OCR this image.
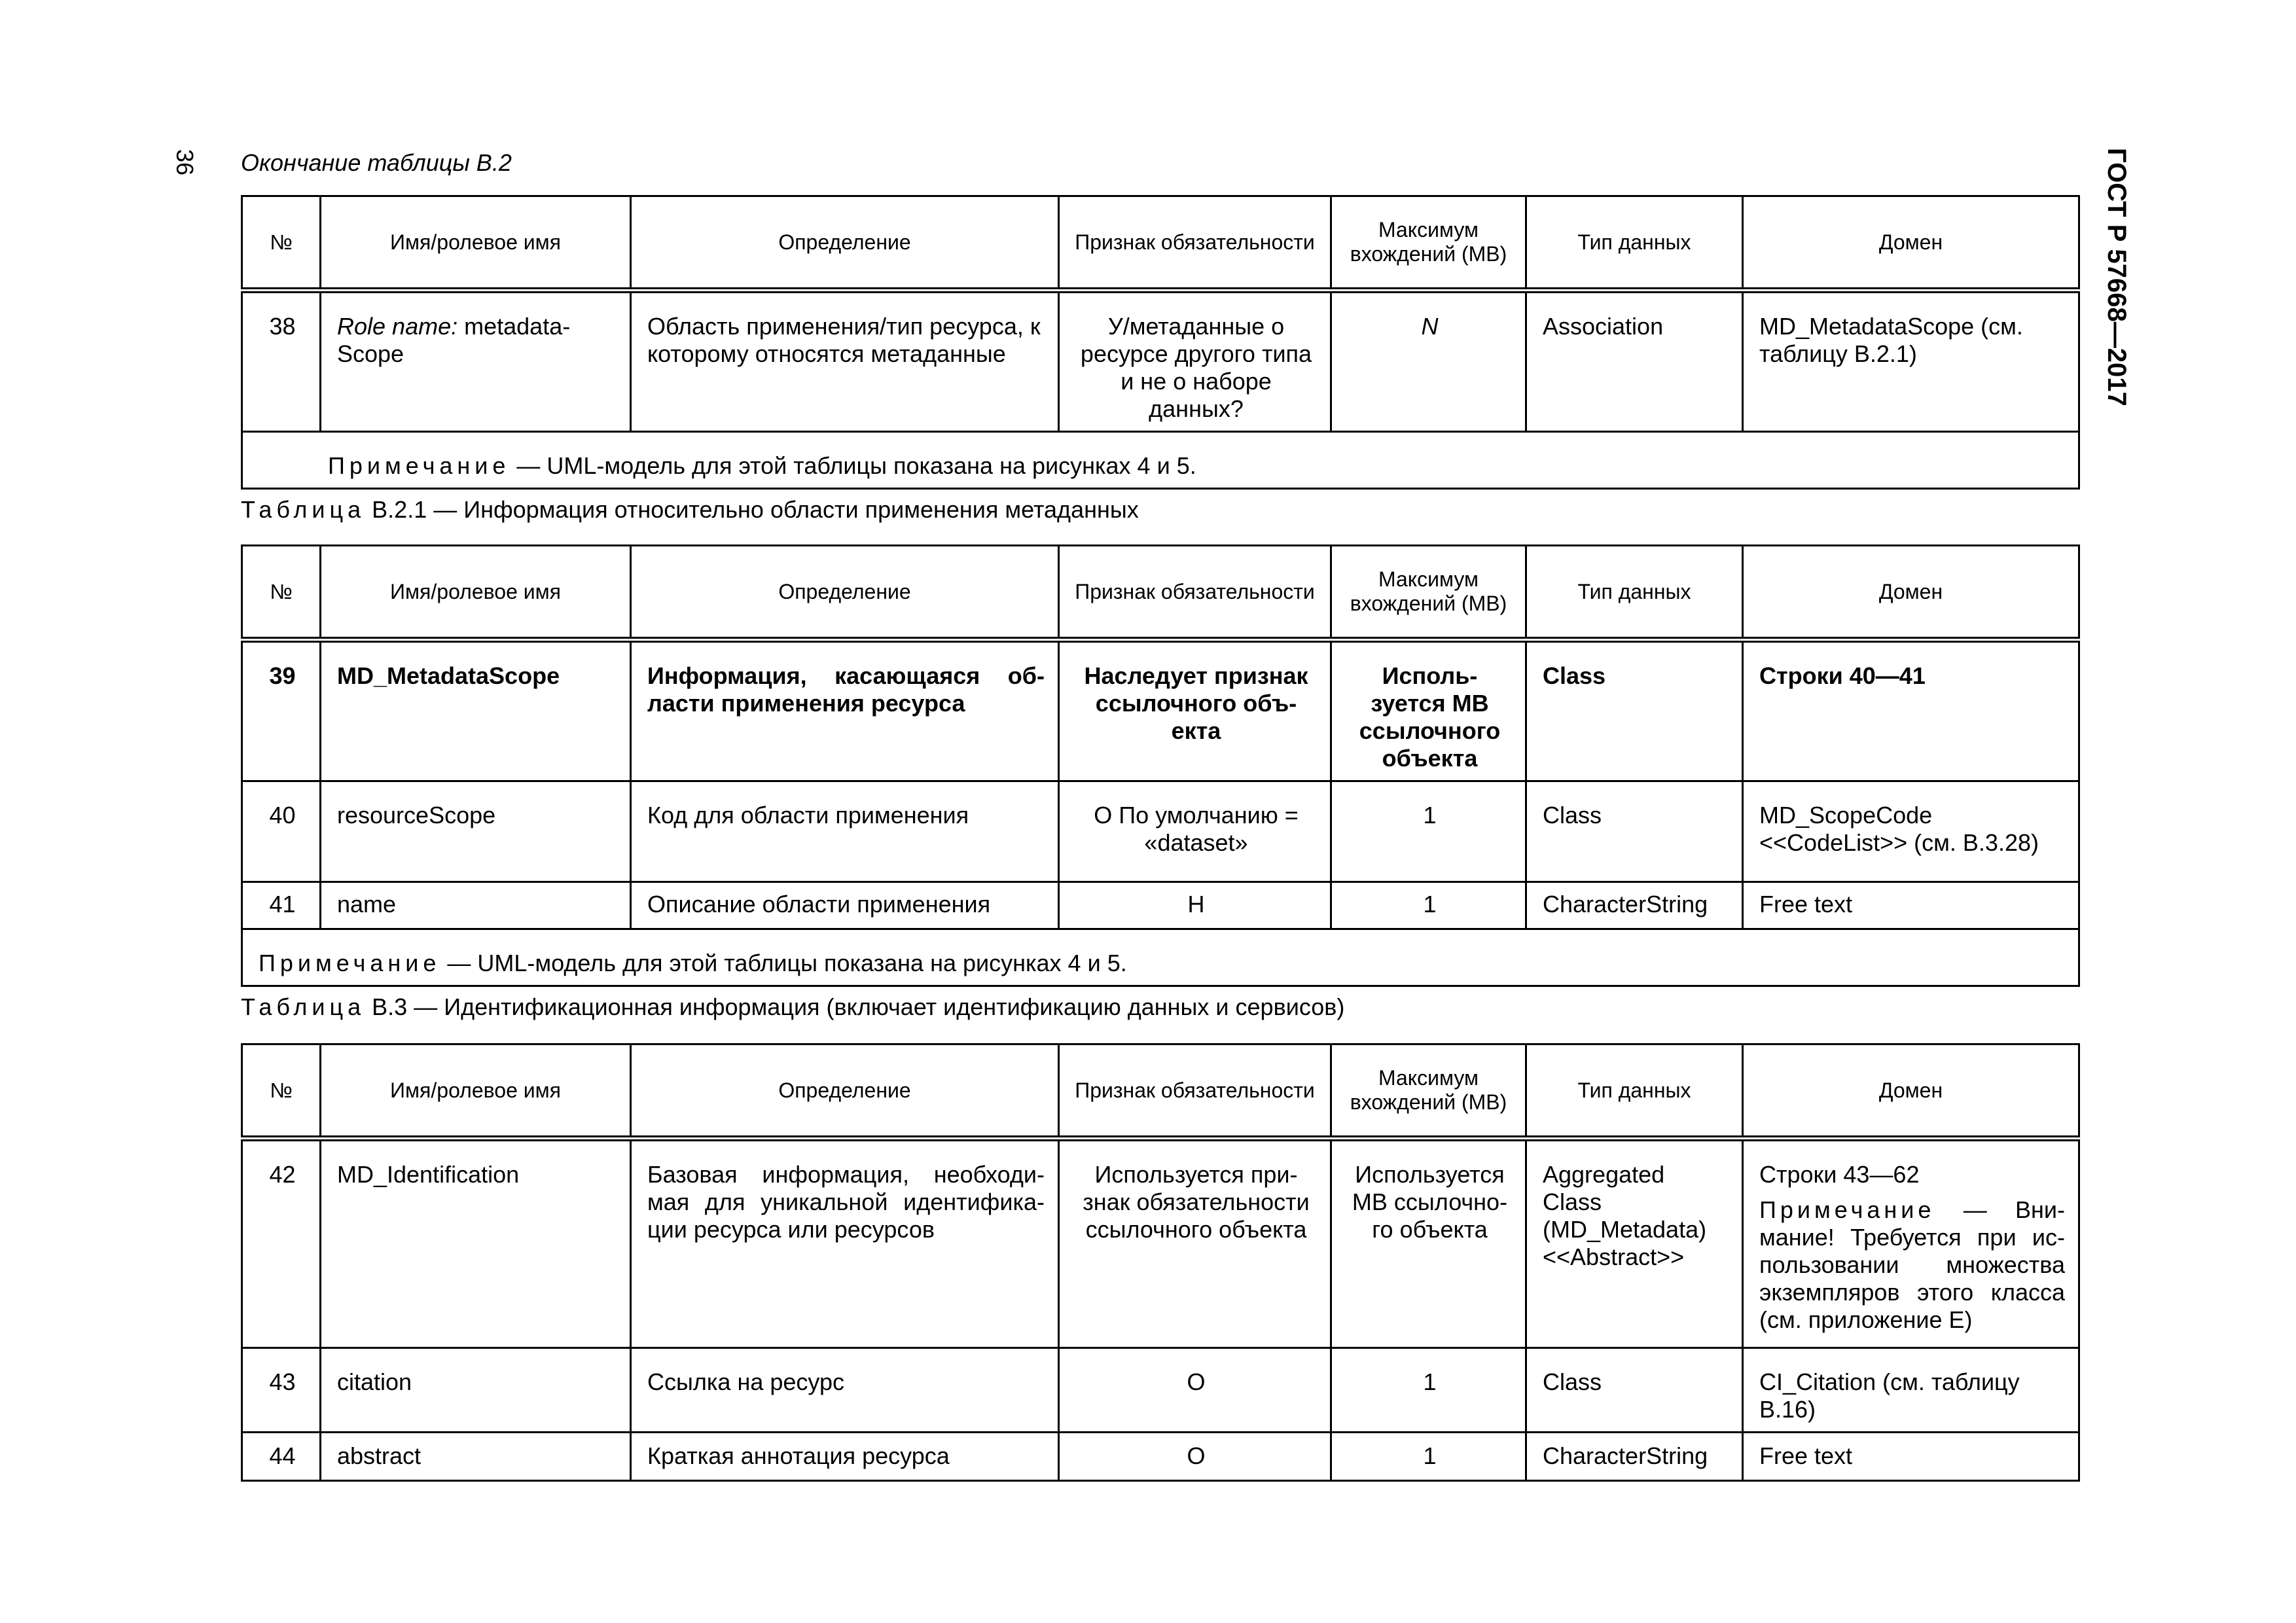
36	ГОСТ Р 57668—2017
Окончание таблицы B.2
№	Имя/ролевое имя	Определение	Признак обязательности	Максимум вхождений (МВ)	Тип данных	Домен
38	Role name: metadata-Scope	Область применения/тип ресурса, к которому относятся метаданные	У/метаданные о ресурсе другого типа и не о наборе данных?	N	Association	MD_MetadataScope (см. таблицу B.2.1)
Примечание — UML-модель для этой таблицы показана на рисунках 4 и 5.						
Таблица B.2.1 — Информация относительно области применения метаданных
№	Имя/ролевое имя	Определение	Признак обязательности	Максимум вхождений (МВ)	Тип данных	Домен
39	MD_MetadataScope	Информация, касающаяся об-ласти применения ресурса	Наследует признак ссылочного объ-екта	Исполь-зуется МВ ссылочного объекта	Class	Строки 40—41
40	resourceScope	Код для области применения	O По умолчанию = «dataset»	1	Class	MD_ScopeCode <<CodeList>> (см. B.3.28)
41	name	Описание области применения	Н	1	CharacterString	Free text
Примечание — UML-модель для этой таблицы показана на рисунках 4 и 5.						
Таблица B.3 — Идентификационная информация (включает идентификацию данных и сервисов)
№	Имя/ролевое имя	Определение	Признак обязательности	Максимум вхождений (МВ)	Тип данных	Домен
42	MD_Identification	Базовая информация, необходи-мая для уникальной идентифика-ции ресурса или ресурсов	Используется при-знак обязательности ссылочного объекта	Используется МВ ссылочно-го объекта	Aggregated Class (MD_Metadata) <<Abstract>>	Строки 43—62
Примечание — Вни-мание! Требуется при ис-пользовании множества экземпляров этого класса (см. приложение E)

43	citation	Ссылка на ресурс	O	1	Class	CI_Citation (см. таблицу B.16)
44	abstract	Краткая аннотация ресурса	O	1	CharacterString	Free text
